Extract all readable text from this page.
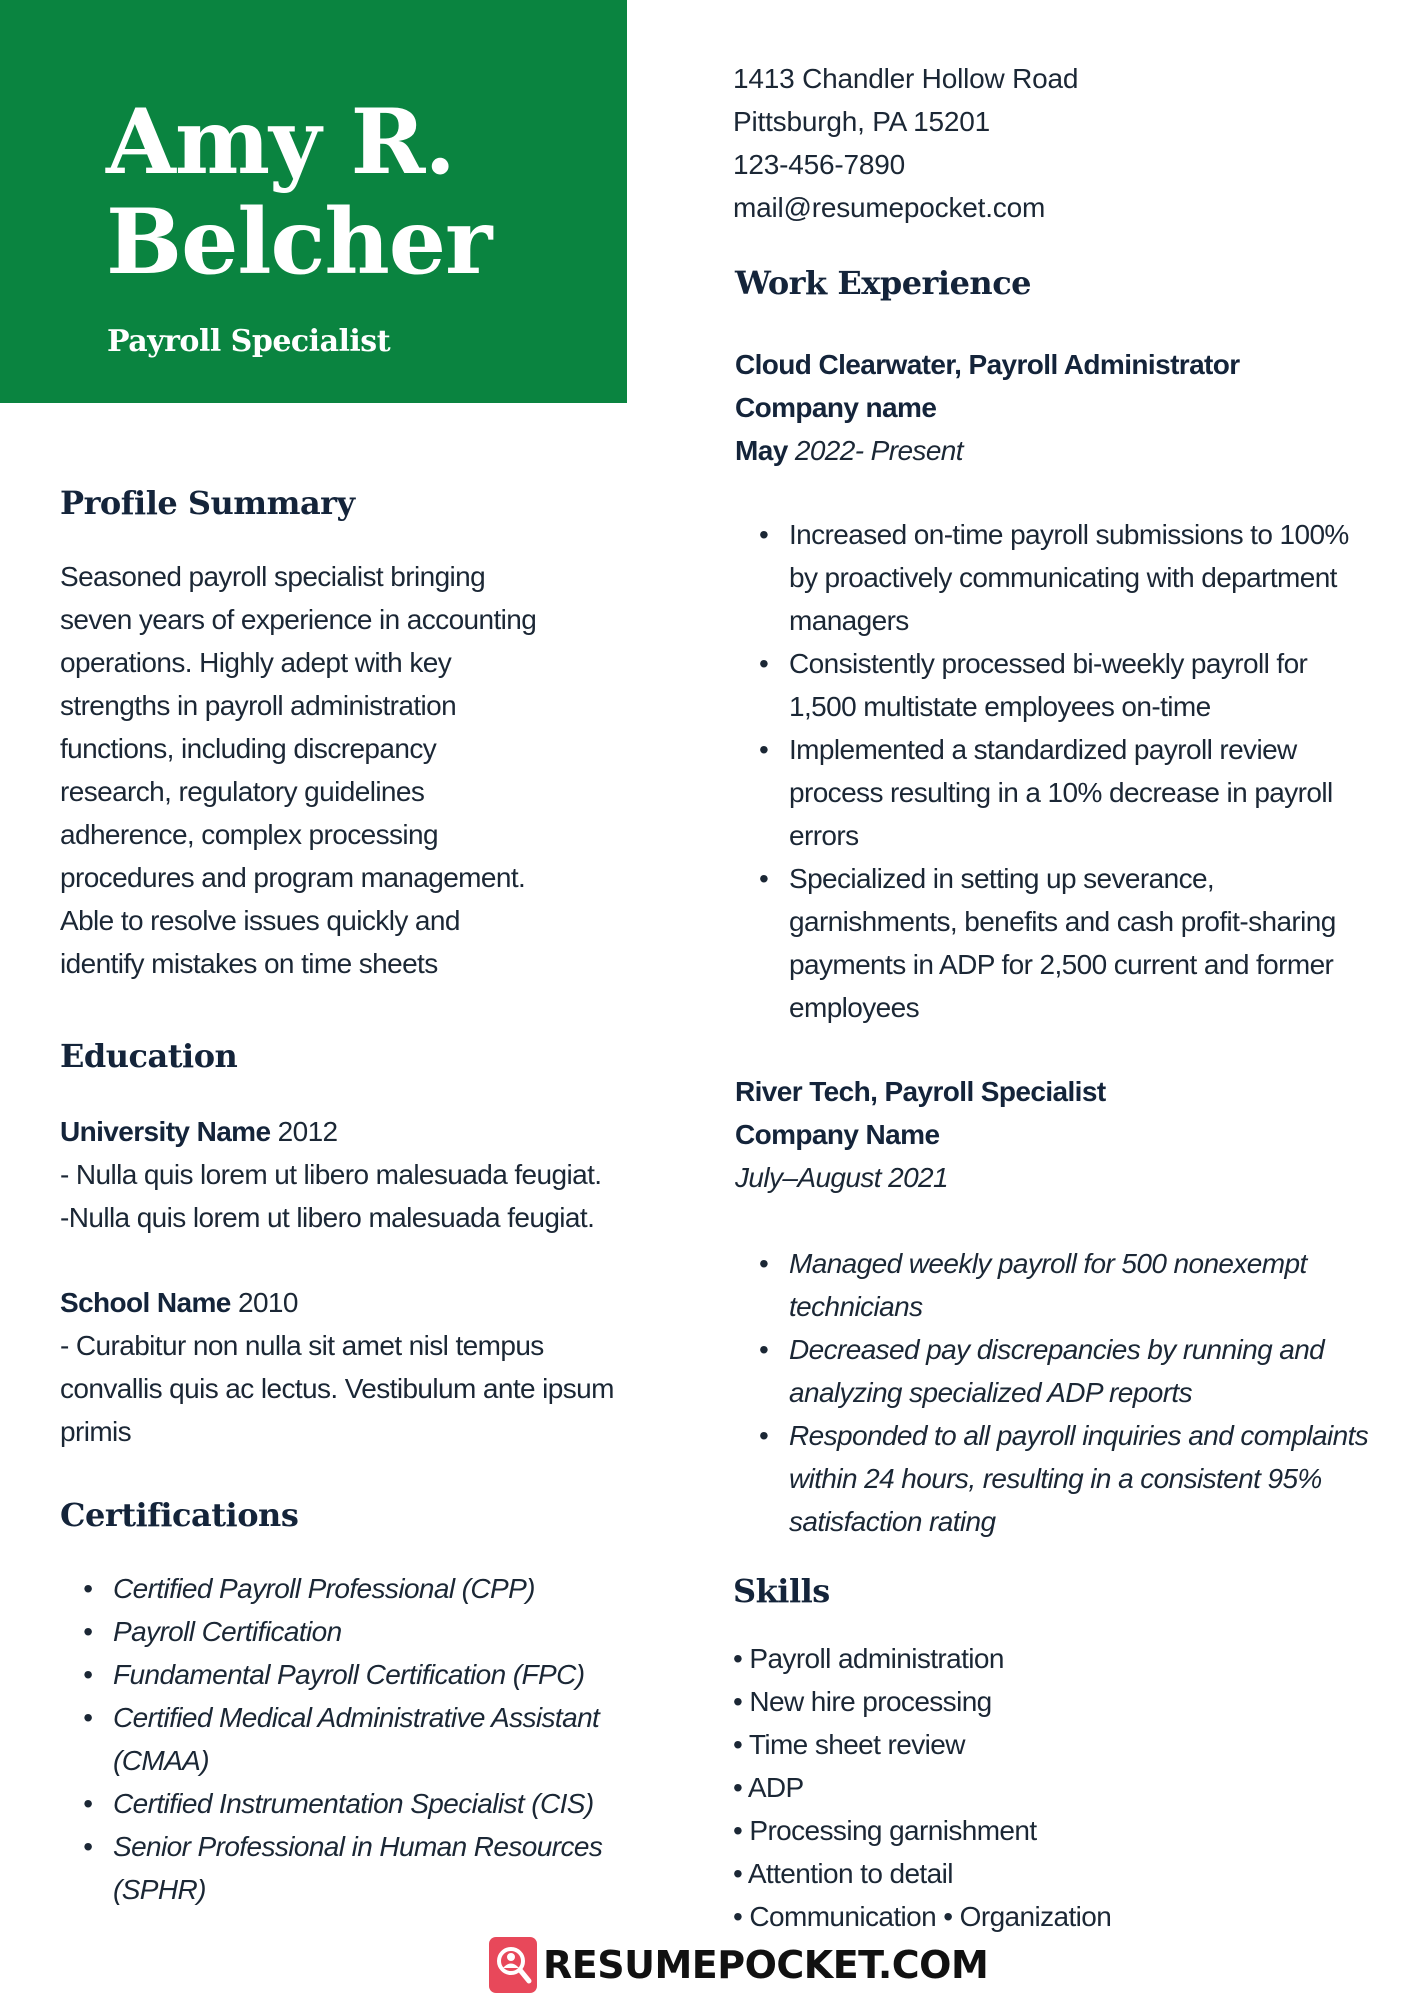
Amy R.
Belcher
Payroll Specialist
1413 Chandler Hollow Road
Pittsburgh, PA 15201
123-456-7890
mail@resumepocket.com
Profile Summary
Seasoned payroll specialist bringing
seven years of experience in accounting
operations. Highly adept with key
strengths in payroll administration
functions, including discrepancy
research, regulatory guidelines
adherence, complex processing
procedures and program management.
Able to resolve issues quickly and
identify mistakes on time sheets
Education
University Name 2012
- Nulla quis lorem ut libero malesuada feugiat.
-Nulla quis lorem ut libero malesuada feugiat.
School Name 2010
- Curabitur non nulla sit amet nisl tempus
convallis quis ac lectus. Vestibulum ante ipsum
primis
Certifications
• Certified Payroll Professional (CPP)
• Payroll Certification
• Fundamental Payroll Certification (FPC)
• Certified Medical Administrative Assistant (CMAA)
• Certified Instrumentation Specialist (CIS)
• Senior Professional in Human Resources (SPHR)
Work Experience
Cloud Clearwater, Payroll Administrator
Company name
May 2022- Present
• Increased on-time payroll submissions to 100% by proactively communicating with department managers
• Consistently processed bi-weekly payroll for 1,500 multistate employees on-time
• Implemented a standardized payroll review process resulting in a 10% decrease in payroll errors
• Specialized in setting up severance, garnishments, benefits and cash profit-sharing payments in ADP for 2,500 current and former employees
River Tech, Payroll Specialist
Company Name
July–August 2021
• Managed weekly payroll for 500 nonexempt technicians
• Decreased pay discrepancies by running and analyzing specialized ADP reports
• Responded to all payroll inquiries and complaints within 24 hours, resulting in a consistent 95% satisfaction rating
Skills
• Payroll administration
• New hire processing
• Time sheet review
• ADP
• Processing garnishment
• Attention to detail
• Communication • Organization
RESUMEPOCKET.COM
